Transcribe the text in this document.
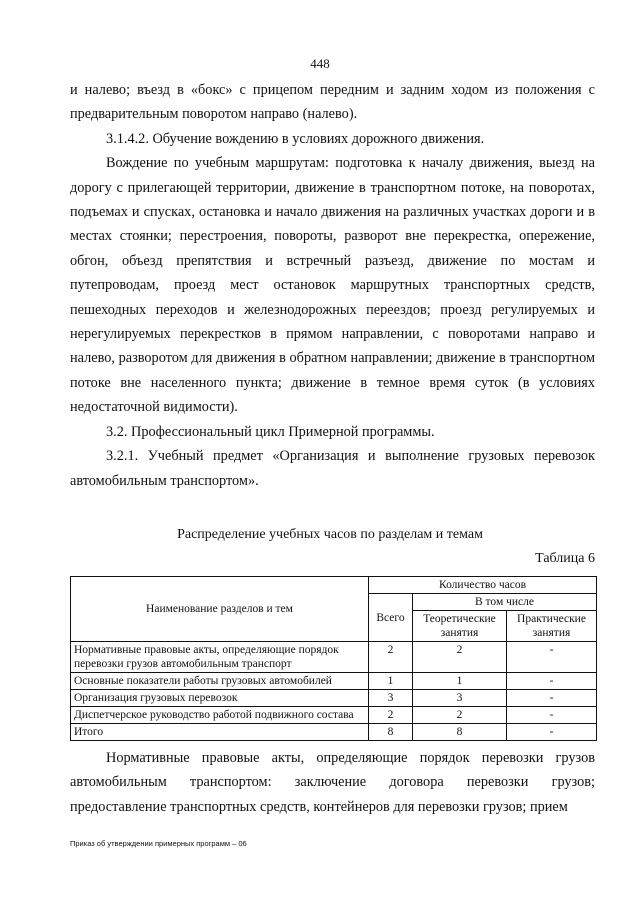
448

и налево; въезд в «бокс» с прицепом передним и задним ходом из положения с предварительным поворотом направо (налево).

3.1.4.2. Обучение вождению в условиях дорожного движения.

Вождение по учебным маршрутам: подготовка к началу движения, выезд на дорогу с прилегающей территории, движение в транспортном потоке, на поворотах, подъемах и спусках, остановка и начало движения на различных участках дороги и в местах стоянки; перестроения, повороты, разворот вне перекрестка, опережение, обгон, объезд препятствия и встречный разъезд, движение по мостам и путепроводам, проезд мест остановок маршрутных транспортных средств, пешеходных переходов и железнодорожных переездов; проезд регулируемых и нерегулируемых перекрестков в прямом направлении, с поворотами направо и налево, разворотом для движения в обратном направлении; движение в транспортном потоке вне населенного пункта; движение в темное время суток (в условиях недостаточной видимости).

3.2. Профессиональный цикл Примерной программы.

3.2.1. Учебный предмет «Организация и выполнение грузовых перевозок автомобильным транспортом».

Распределение учебных часов по разделам и темам
Таблица 6
Наименование разделов и тем	Количество часов		
	Всего	В том числе	
		Теоретические занятия	Практические занятия
Нормативные правовые акты, определяющие порядок перевозки грузов автомобильным транспорт	2	2	-
Основные показатели работы грузовых автомобилей	1	1	-
Организация грузовых перевозок	3	3	-
Диспетчерское руководство работой подвижного состава	2	2	-
Итого	8	8	-

Нормативные правовые акты, определяющие порядок перевозки грузов автомобильным транспортом: заключение договора перевозки грузов; предоставление транспортных средств, контейнеров для перевозки грузов; прием

Приказ об утверждении примерных программ – 06
